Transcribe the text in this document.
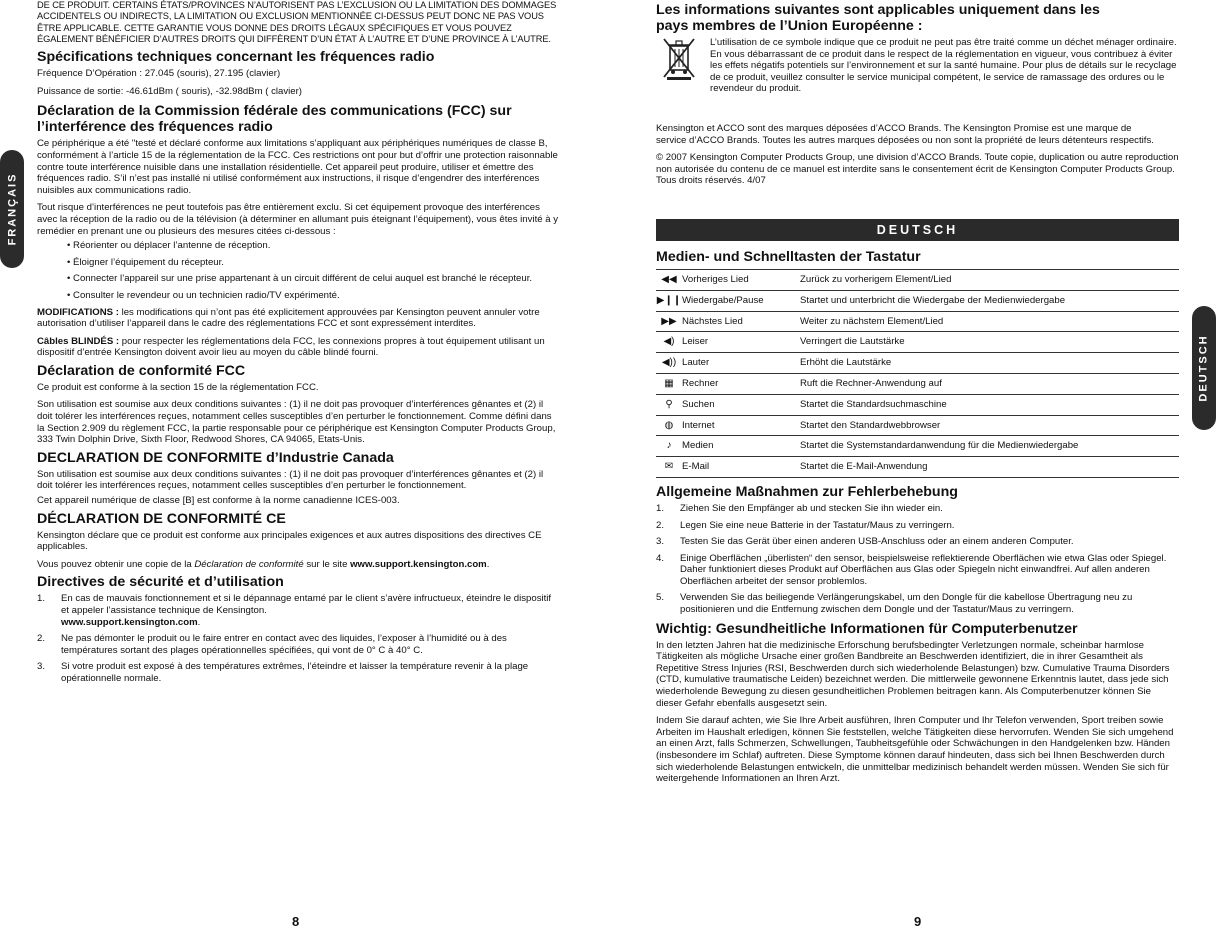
FRANÇAIS

DE CE PRODUIT. CERTAINS ÉTATS/PROVINCES N’AUTORISENT PAS L’EXCLUSION OU LA LIMITATION DES DOMMAGES ACCIDENTELS OU INDIRECTS, LA LIMITATION OU EXCLUSION MENTIONNÉE CI-DESSUS PEUT DONC NE PAS VOUS ÊTRE APPLICABLE. CETTE GARANTIE VOUS DONNE DES DROITS LÉGAUX SPÉCIFIQUES ET VOUS POUVEZ ÉGALEMENT BÉNÉFICIER D’AUTRES DROITS QUI DIFFÈRENT D’UN ÉTAT À L’AUTRE ET D’UNE PROVINCE À L’AUTRE.

Spécifications techniques concernant les fréquences radio

Fréquence D’Opération : 27.045 (souris), 27.195 (clavier)

Puissance de sortie: -46.61dBm ( souris), -32.98dBm ( clavier)

Déclaration de la Commission fédérale des communications (FCC) sur l’interférence des fréquences radio

Ce périphérique a été "testé et déclaré conforme aux limitations s’appliquant aux périphériques numériques de classe B, conformément à l’article 15 de la réglementation de la FCC. Ces restrictions ont pour but d’offrir une protection raisonnable contre toute interférence nuisible dans une installation résidentielle. Cet appareil peut produire, utiliser et émettre des fréquences radio. S’il n’est pas installé ni utilisé conformément aux instructions, il risque d’engendrer des interférences nuisibles aux communications radio.

Tout risque d’interférences ne peut toutefois pas être entièrement exclu. Si cet équipement provoque des interférences avec la réception de la radio ou de la télévision (à déterminer en allumant puis éteignant l’équipement), vous êtes invité à y remédier en prenant une ou plusieurs des mesures citées ci-dessous :

• Réorienter ou déplacer l’antenne de réception.
• Éloigner l’équipement du récepteur.
• Connecter l’appareil sur une prise appartenant à un circuit différent de celui auquel est branché le récepteur.
• Consulter le revendeur ou un technicien radio/TV expérimenté.

MODIFICATIONS : les modifications qui n’ont pas été explicitement approuvées par Kensington peuvent annuler votre autorisation d’utiliser l’appareil dans le cadre des réglementations FCC et sont expressément interdites.

Câbles BLINDÉS : pour respecter les réglementations dela FCC, les connexions propres à tout équipement utilisant un dispositif d’entrée Kensington doivent avoir lieu au moyen du câble blindé fourni.

Déclaration de conformité FCC

Ce produit est conforme à la section 15 de la réglementation FCC.

Son utilisation est soumise aux deux conditions suivantes : (1) il ne doit pas provoquer d’interférences gênantes et (2) il doit tolérer les interférences reçues, notamment celles susceptibles d’en perturber le fonctionnement. Comme défini dans la Section 2.909 du règlement FCC, la partie responsable pour ce périphérique est Kensington Computer Products Group, 333 Twin Dolphin Drive, Sixth Floor, Redwood Shores, CA 94065, Etats-Unis.

DECLARATION DE CONFORMITE d’Industrie Canada

Son utilisation est soumise aux deux conditions suivantes : (1) il ne doit pas provoquer d’interférences gênantes et (2) il doit tolérer les interférences reçues, notamment celles susceptibles d’en perturber le fonctionnement.

Cet appareil numérique de classe [B] est conforme à la norme canadienne ICES-003.

DÉCLARATION DE CONFORMITÉ CE

Kensington déclare que ce produit est conforme aux principales exigences et aux autres dispositions des directives CE applicables.

Vous pouvez obtenir une copie de la Déclaration de conformité sur le site www.support.kensington.com.

Directives de sécurité et d’utilisation
1.	En cas de mauvais fonctionnement et si le dépannage entamé par le client s’avère infructueux, éteindre le dispositif et appeler l’assistance technique de Kensington.
www.support.kensington.com.
2.	Ne pas démonter le produit ou le faire entrer en contact avec des liquides, l’exposer à l’humidité ou à des températures sortant des plages opérationnelles spécifiées, qui vont de 0° C à 40° C.
3.	Si votre produit est exposé à des températures extrêmes, l’éteindre et laisser la température revenir à la plage opérationnelle normale.
8
DEUTSCH
Les informations suivantes sont applicables uniquement dans les pays membres de l’Union Européenne :

L’utilisation de ce symbole indique que ce produit ne peut pas être traité comme un déchet ménager ordinaire. En vous débarrassant de ce produit dans le respect de la réglementation en vigueur, vous contribuez à éviter les effets négatifs potentiels sur l’environnement et sur la santé humaine. Pour plus de détails sur le recyclage de ce produit, veuillez consulter le service municipal compétent, le service de ramassage des ordures ou le revendeur du produit.

Kensington et ACCO sont des marques déposées d’ACCO Brands. The Kensington Promise est une marque de service d’ACCO Brands. Toutes les autres marques déposées ou non sont la propriété de leurs détenteurs respectifs.

© 2007 Kensington Computer Products Group, une division d’ACCO Brands. Toute copie, duplication ou autre reproduction non autorisée du contenu de ce manuel est interdite sans le consentement écrit de Kensington Computer Products Group. Tous droits réservés. 4/07

DEUTSCH
Medien- und Schnelltasten der Tastatur
◀◀	Vorheriges Lied	Zurück zu vorherigem Element/Lied
▶❙❙	Wiedergabe/Pause	Startet und unterbricht die Wiedergabe der Medienwiedergabe
▶▶	Nächstes Lied	Weiter zu nächstem Element/Lied
◀)	Leiser	Verringert die Lautstärke
◀))	Lauter	Erhöht die Lautstärke
▦	Rechner	Ruft die Rechner-Anwendung auf
⚲	Suchen	Startet die Standardsuchmaschine
◍	Internet	Startet den Standardwebbrowser
♪	Medien	Startet die Systemstandardanwendung für die Medienwiedergabe
✉	E-Mail	Startet die E-Mail-Anwendung
Allgemeine Maßnahmen zur Fehlerbehebung
1.	Ziehen Sie den Empfänger ab und stecken Sie ihn wieder ein.
2.	Legen Sie eine neue Batterie in der Tastatur/Maus zu verringern.
3.	Testen Sie das Gerät über einen anderen USB-Anschluss oder an einem anderen Computer.
4.	Einige Oberflächen „überlisten“ den sensor, beispielsweise reflektierende Oberflächen wie etwa Glas oder Spiegel. Daher funktioniert dieses Produkt auf Oberflächen aus Glas oder Spiegeln nicht einwandfrei. Auf allen anderen Oberflächen arbeitet der sensor problemlos.
5.	Verwenden Sie das beiliegende Verlängerungskabel, um den Dongle für die kabellose Übertragung neu zu positionieren und die Entfernung zwischen dem Dongle und der Tastatur/Maus zu verringern.
Wichtig: Gesundheitliche Informationen für Computerbenutzer

In den letzten Jahren hat die medizinische Erforschung berufsbedingter Verletzungen normale, scheinbar harmlose Tätigkeiten als mögliche Ursache einer großen Bandbreite an Beschwerden identifiziert, die in ihrer Gesamtheit als Repetitive Stress Injuries (RSI, Beschwerden durch sich wiederholende Belastungen) bzw. Cumulative Trauma Disorders (CTD, kumulative traumatische Leiden) bezeichnet werden. Die mittlerweile gewonnene Erkenntnis lautet, dass jede sich wiederholende Bewegung zu diesen gesundheitlichen Problemen beitragen kann. Als Computerbenutzer können Sie dieser Gefahr ebenfalls ausgesetzt sein.

Indem Sie darauf achten, wie Sie Ihre Arbeit ausführen, Ihren Computer und Ihr Telefon verwenden, Sport treiben sowie Arbeiten im Haushalt erledigen, können Sie feststellen, welche Tätigkeiten diese hervorrufen. Wenden Sie sich umgehend an einen Arzt, falls Schmerzen, Schwellungen, Taubheitsgefühle oder Schwächungen in den Handgelenken bzw. Händen (insbesondere im Schlaf) auftreten. Diese Symptome können darauf hindeuten, dass sich bei Ihnen Beschwerden durch sich wiederholende Belastungen entwickeln, die unmittelbar medizinisch behandelt werden müssen. Wenden Sie sich für weitergehende Informationen an Ihren Arzt.

9
